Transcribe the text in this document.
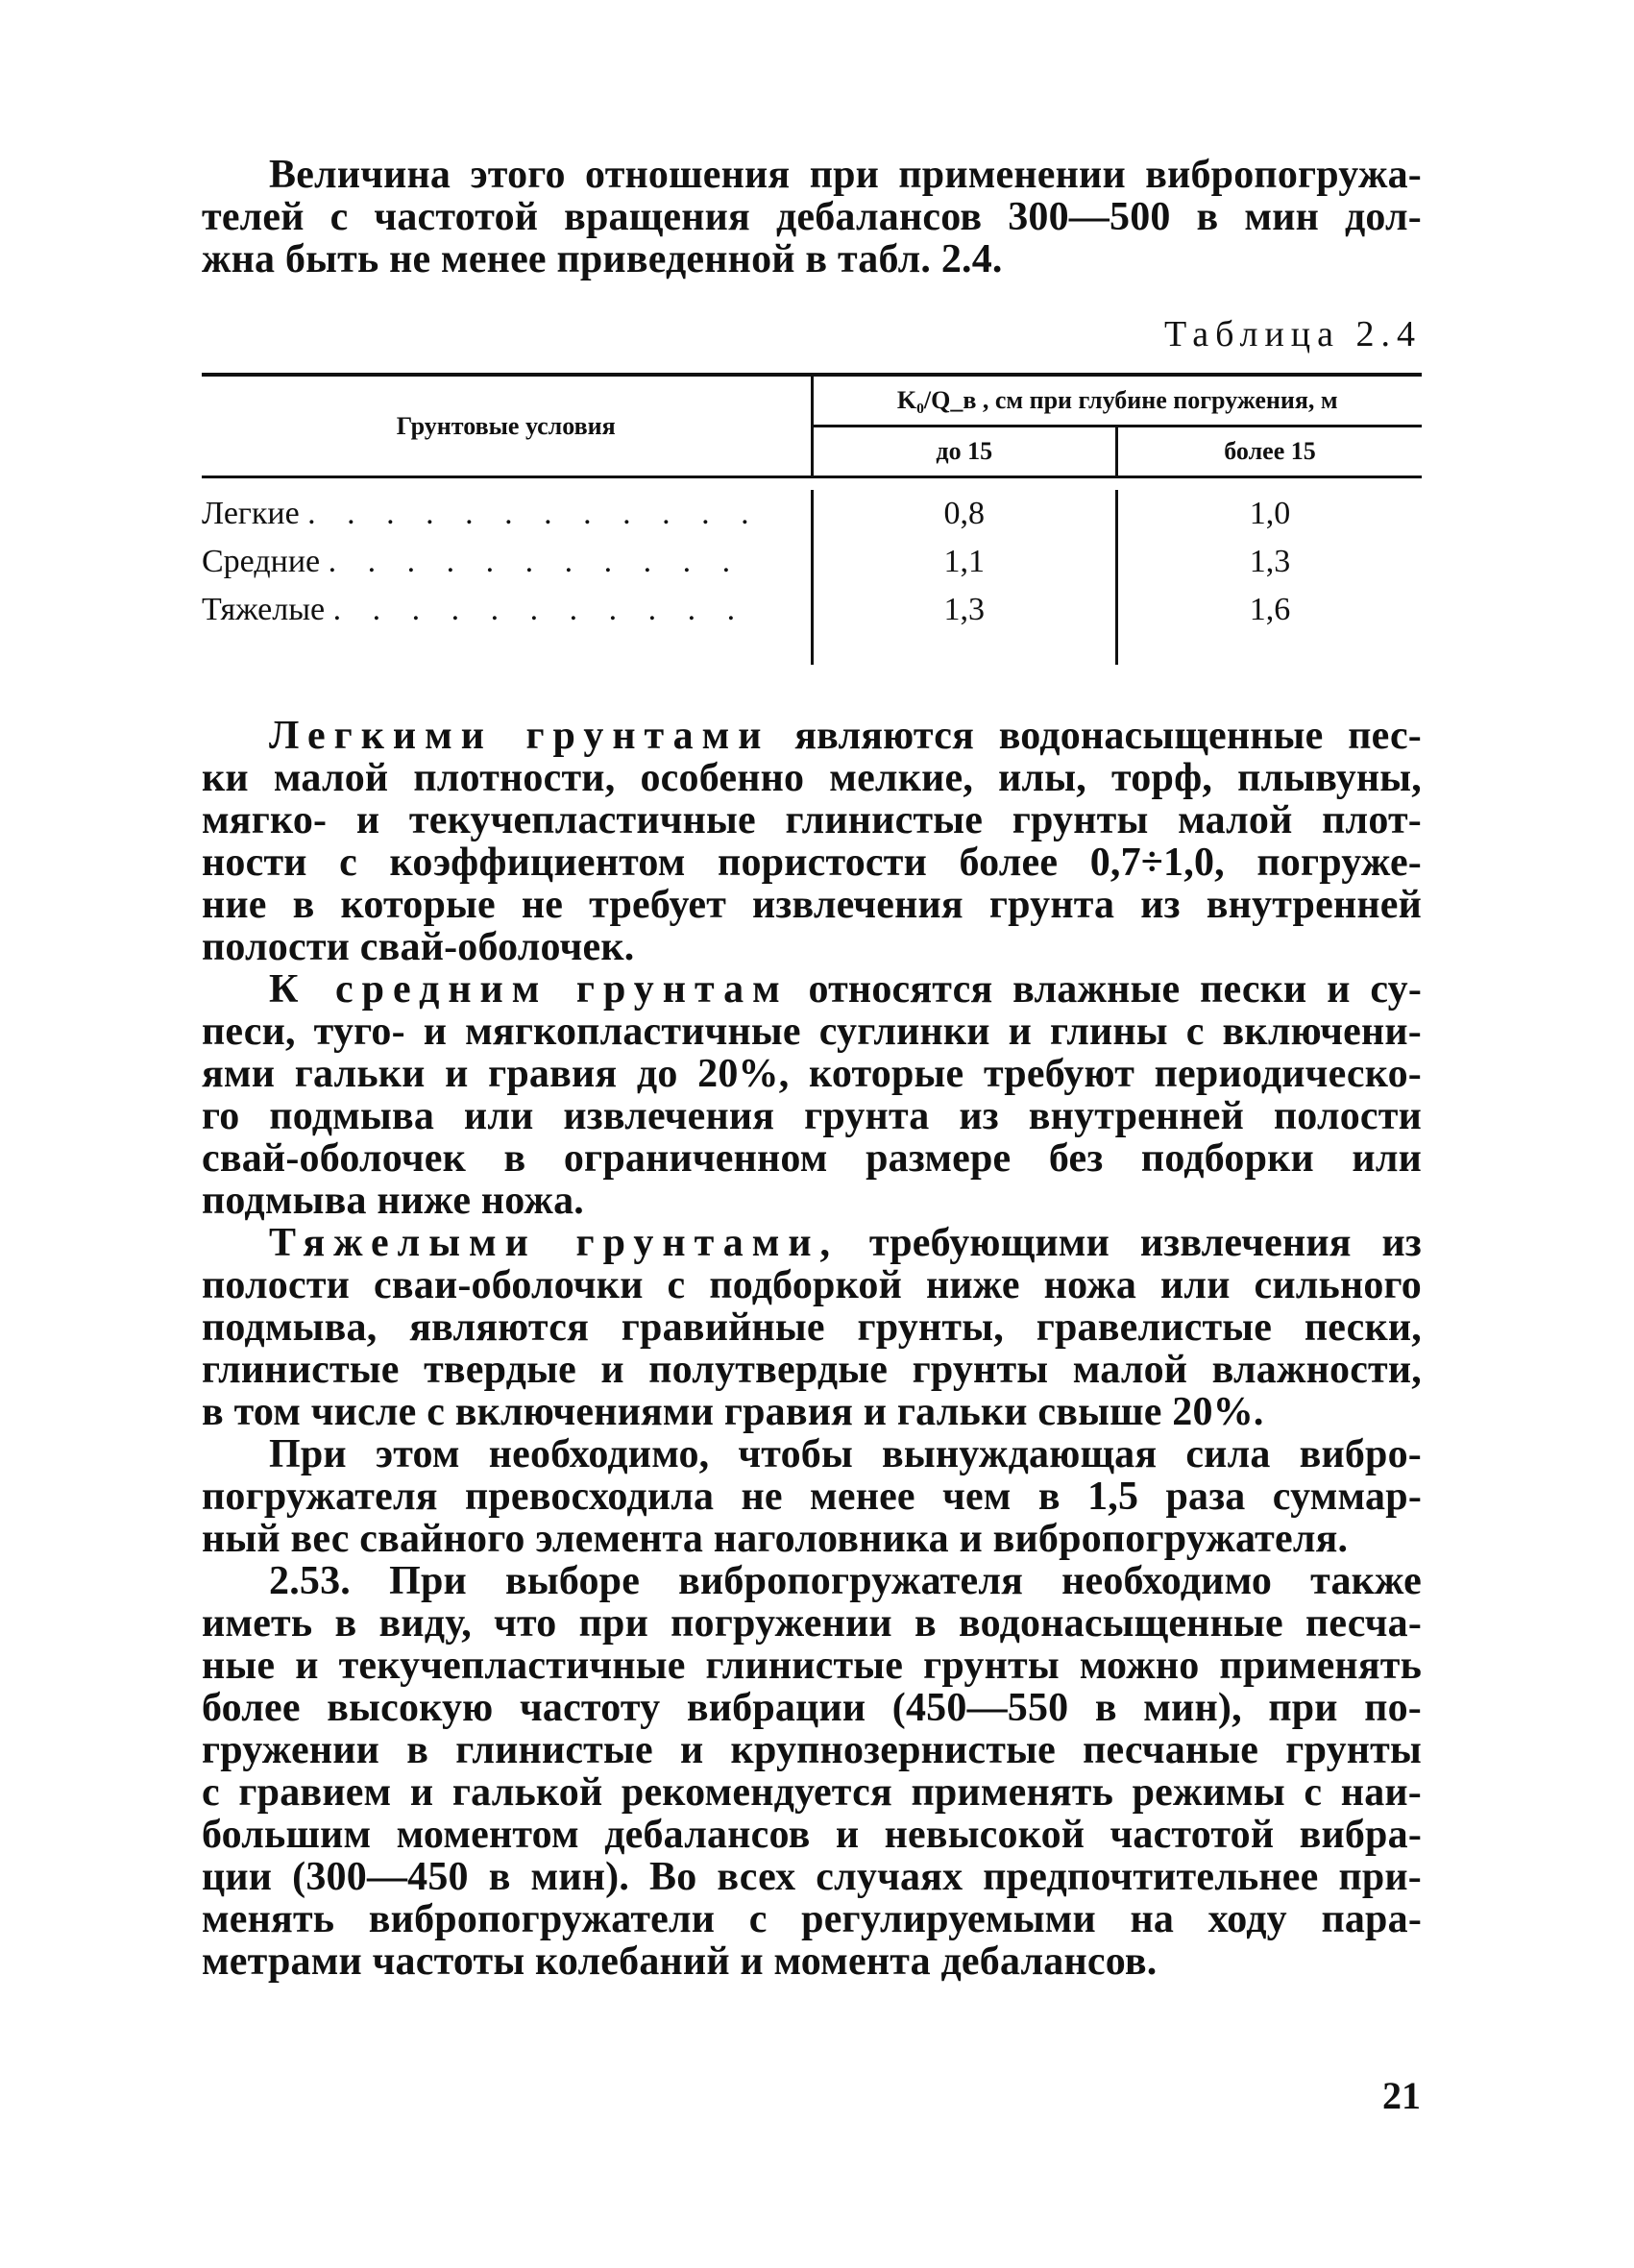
Величина этого отношения при применении вибропогружа-
телей с частотой вращения дебалансов 300—500 в мин дол-
жна быть не менее приведенной в табл. 2.4.

Таблица 2.4
Грунтовые условия	K₀/Q_в , см при глубине погружения, м	
	до 15	более 15

Легкие . . . . . . . . . . . .	0,8	1,0
Средние . . . . . . . . . . .	1,1	1,3
Тяжелые . . . . . . . . . . .	1,3	1,6

Легкими грунтами являются водонасыщенные пес-
ки малой плотности, особенно мелкие, илы, торф, плывуны,
мягко- и текучепластичные глинистые грунты малой плот-
ности с коэффициентом пористости более 0,7÷1,0, погруже-
ние в которые не требует извлечения грунта из внутренней
полости свай-оболочек.

К средним грунтам относятся влажные пески и су-
песи, туго- и мягкопластичные суглинки и глины с включени-
ями гальки и гравия до 20%, которые требуют периодическо-
го подмыва или извлечения грунта из внутренней полости
свай-оболочек в ограниченном размере без подборки или
подмыва ниже ножа.

Тяжелыми грунтами, требующими извлечения из
полости сваи-оболочки с подборкой ниже ножа или сильного
подмыва, являются гравийные грунты, гравелистые пески,
глинистые твердые и полутвердые грунты малой влажности,
в том числе с включениями гравия и гальки свыше 20%.

При этом необходимо, чтобы вынуждающая сила вибро-
погружателя превосходила не менее чем в 1,5 раза суммар-
ный вес свайного элемента наголовника и вибропогружателя.

2.53. При выборе вибропогружателя необходимо также
иметь в виду, что при погружении в водонасыщенные песча-
ные и текучепластичные глинистые грунты можно применять
более высокую частоту вибрации (450—550 в мин), при по-
гружении в глинистые и крупнозернистые песчаные грунты
с гравием и галькой рекомендуется применять режимы с наи-
большим моментом дебалансов и невысокой частотой вибра-
ции (300—450 в мин). Во всех случаях предпочтительнее при-
менять вибропогружатели с регулируемыми на ходу пара-
метрами частоты колебаний и момента дебалансов.

21
